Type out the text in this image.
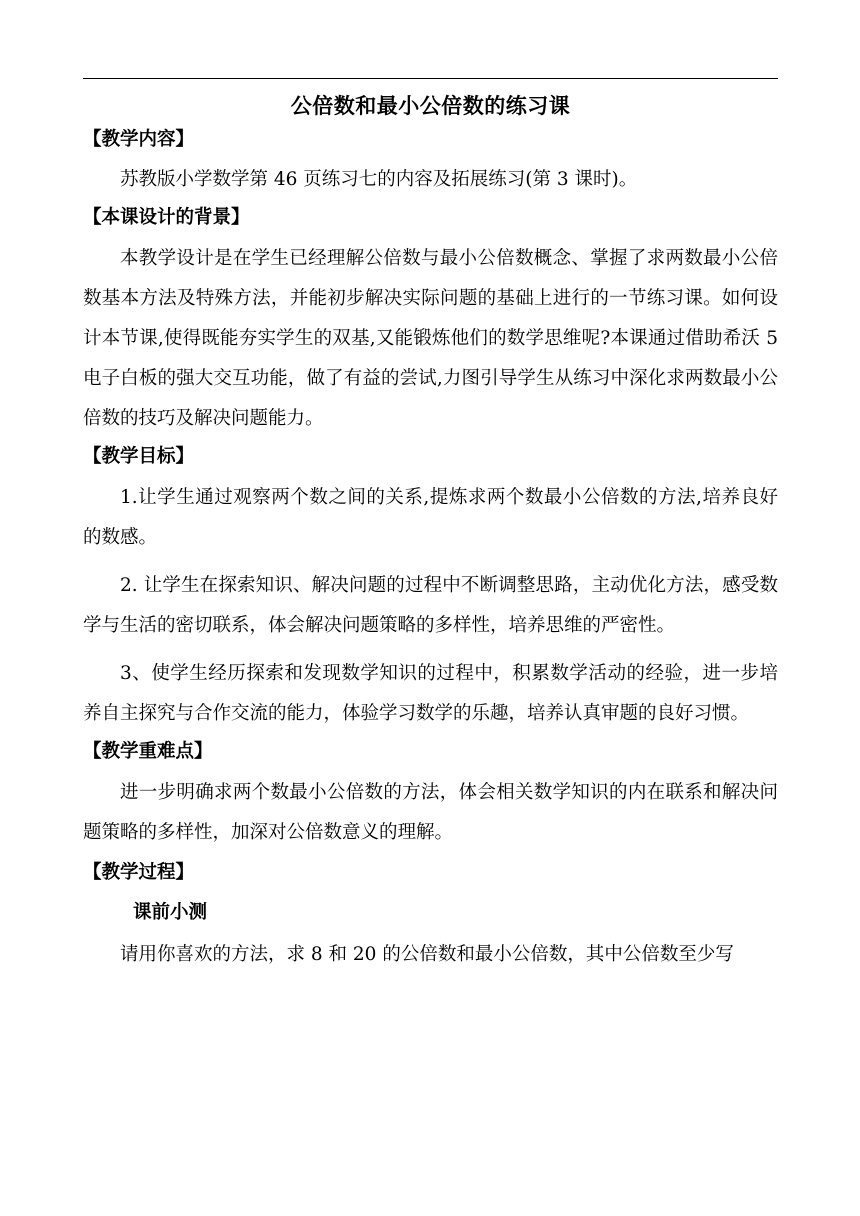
公倍数和最小公倍数的练习课
【教学内容】

苏教版小学数学第 46 页练习七的内容及拓展练习(第 3 课时)。

【本课设计的背景】

本教学设计是在学生已经理解公倍数与最小公倍数概念、掌握了求两数最小公倍数基本方法及特殊方法，并能初步解决实际问题的基础上进行的一节练习课。如何设计本节课,使得既能夯实学生的双基,又能锻炼他们的数学思维呢?本课通过借助希沃 5 电子白板的强大交互功能，做了有益的尝试,力图引导学生从练习中深化求两数最小公倍数的技巧及解决问题能力。

【教学目标】

1.让学生通过观察两个数之间的关系,提炼求两个数最小公倍数的方法,培养良好的数感。

2. 让学生在探索知识、解决问题的过程中不断调整思路，主动优化方法，感受数学与生活的密切联系，体会解决问题策略的多样性，培养思维的严密性。

3、使学生经历探索和发现数学知识的过程中，积累数学活动的经验，进一步培养自主探究与合作交流的能力，体验学习数学的乐趣，培养认真审题的良好习惯。

【教学重难点】

进一步明确求两个数最小公倍数的方法，体会相关数学知识的内在联系和解决问题策略的多样性，加深对公倍数意义的理解。

【教学过程】
课前小测

请用你喜欢的方法，求 8 和 20 的公倍数和最小公倍数，其中公倍数至少写
